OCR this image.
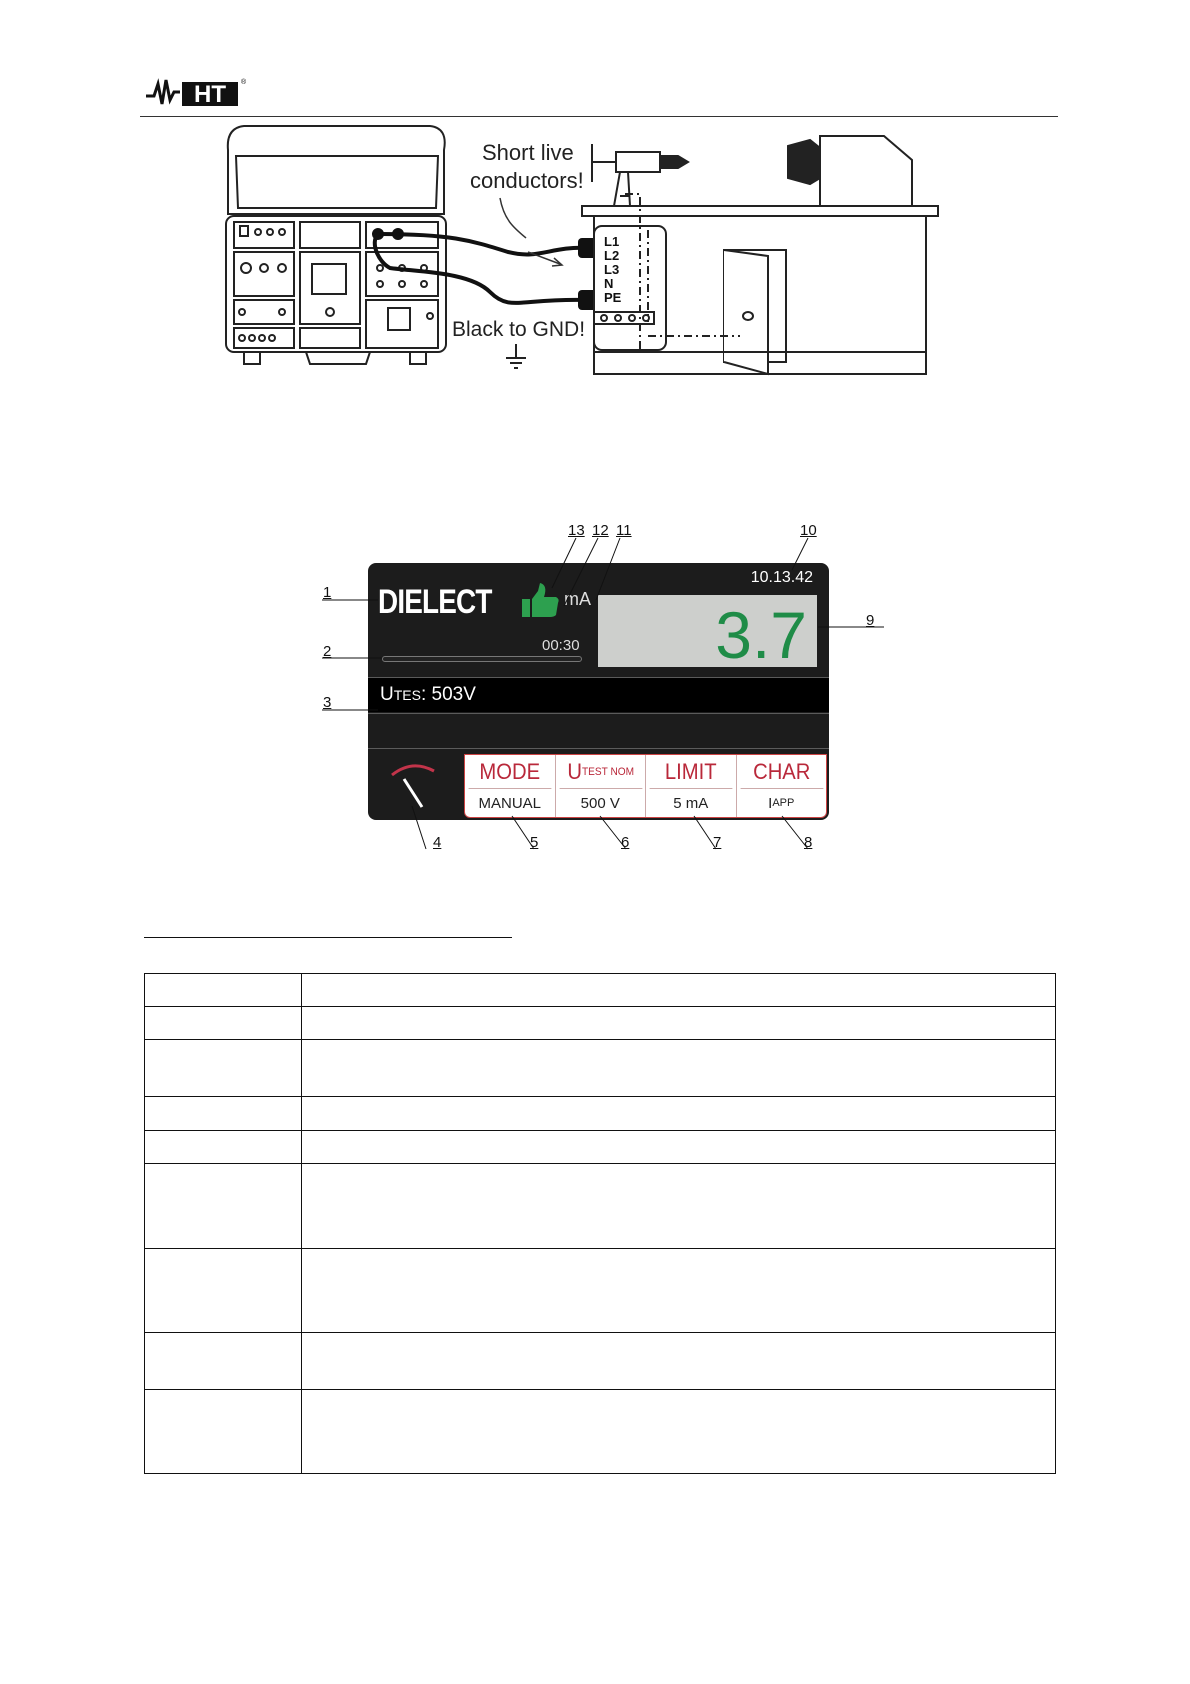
HT ®
Short live
conductors!
Black to GND!
L1
L2
L3
N
PE
DIELECT
10.13.42
mA
00:30 3.7
UTES: 503V
MODE
MANUAL
U TEST NOM
500 V
LIMIT
5 mA
CHAR
I APP
1
2
3
4	5	6	7	8
9
10
11
12
13
